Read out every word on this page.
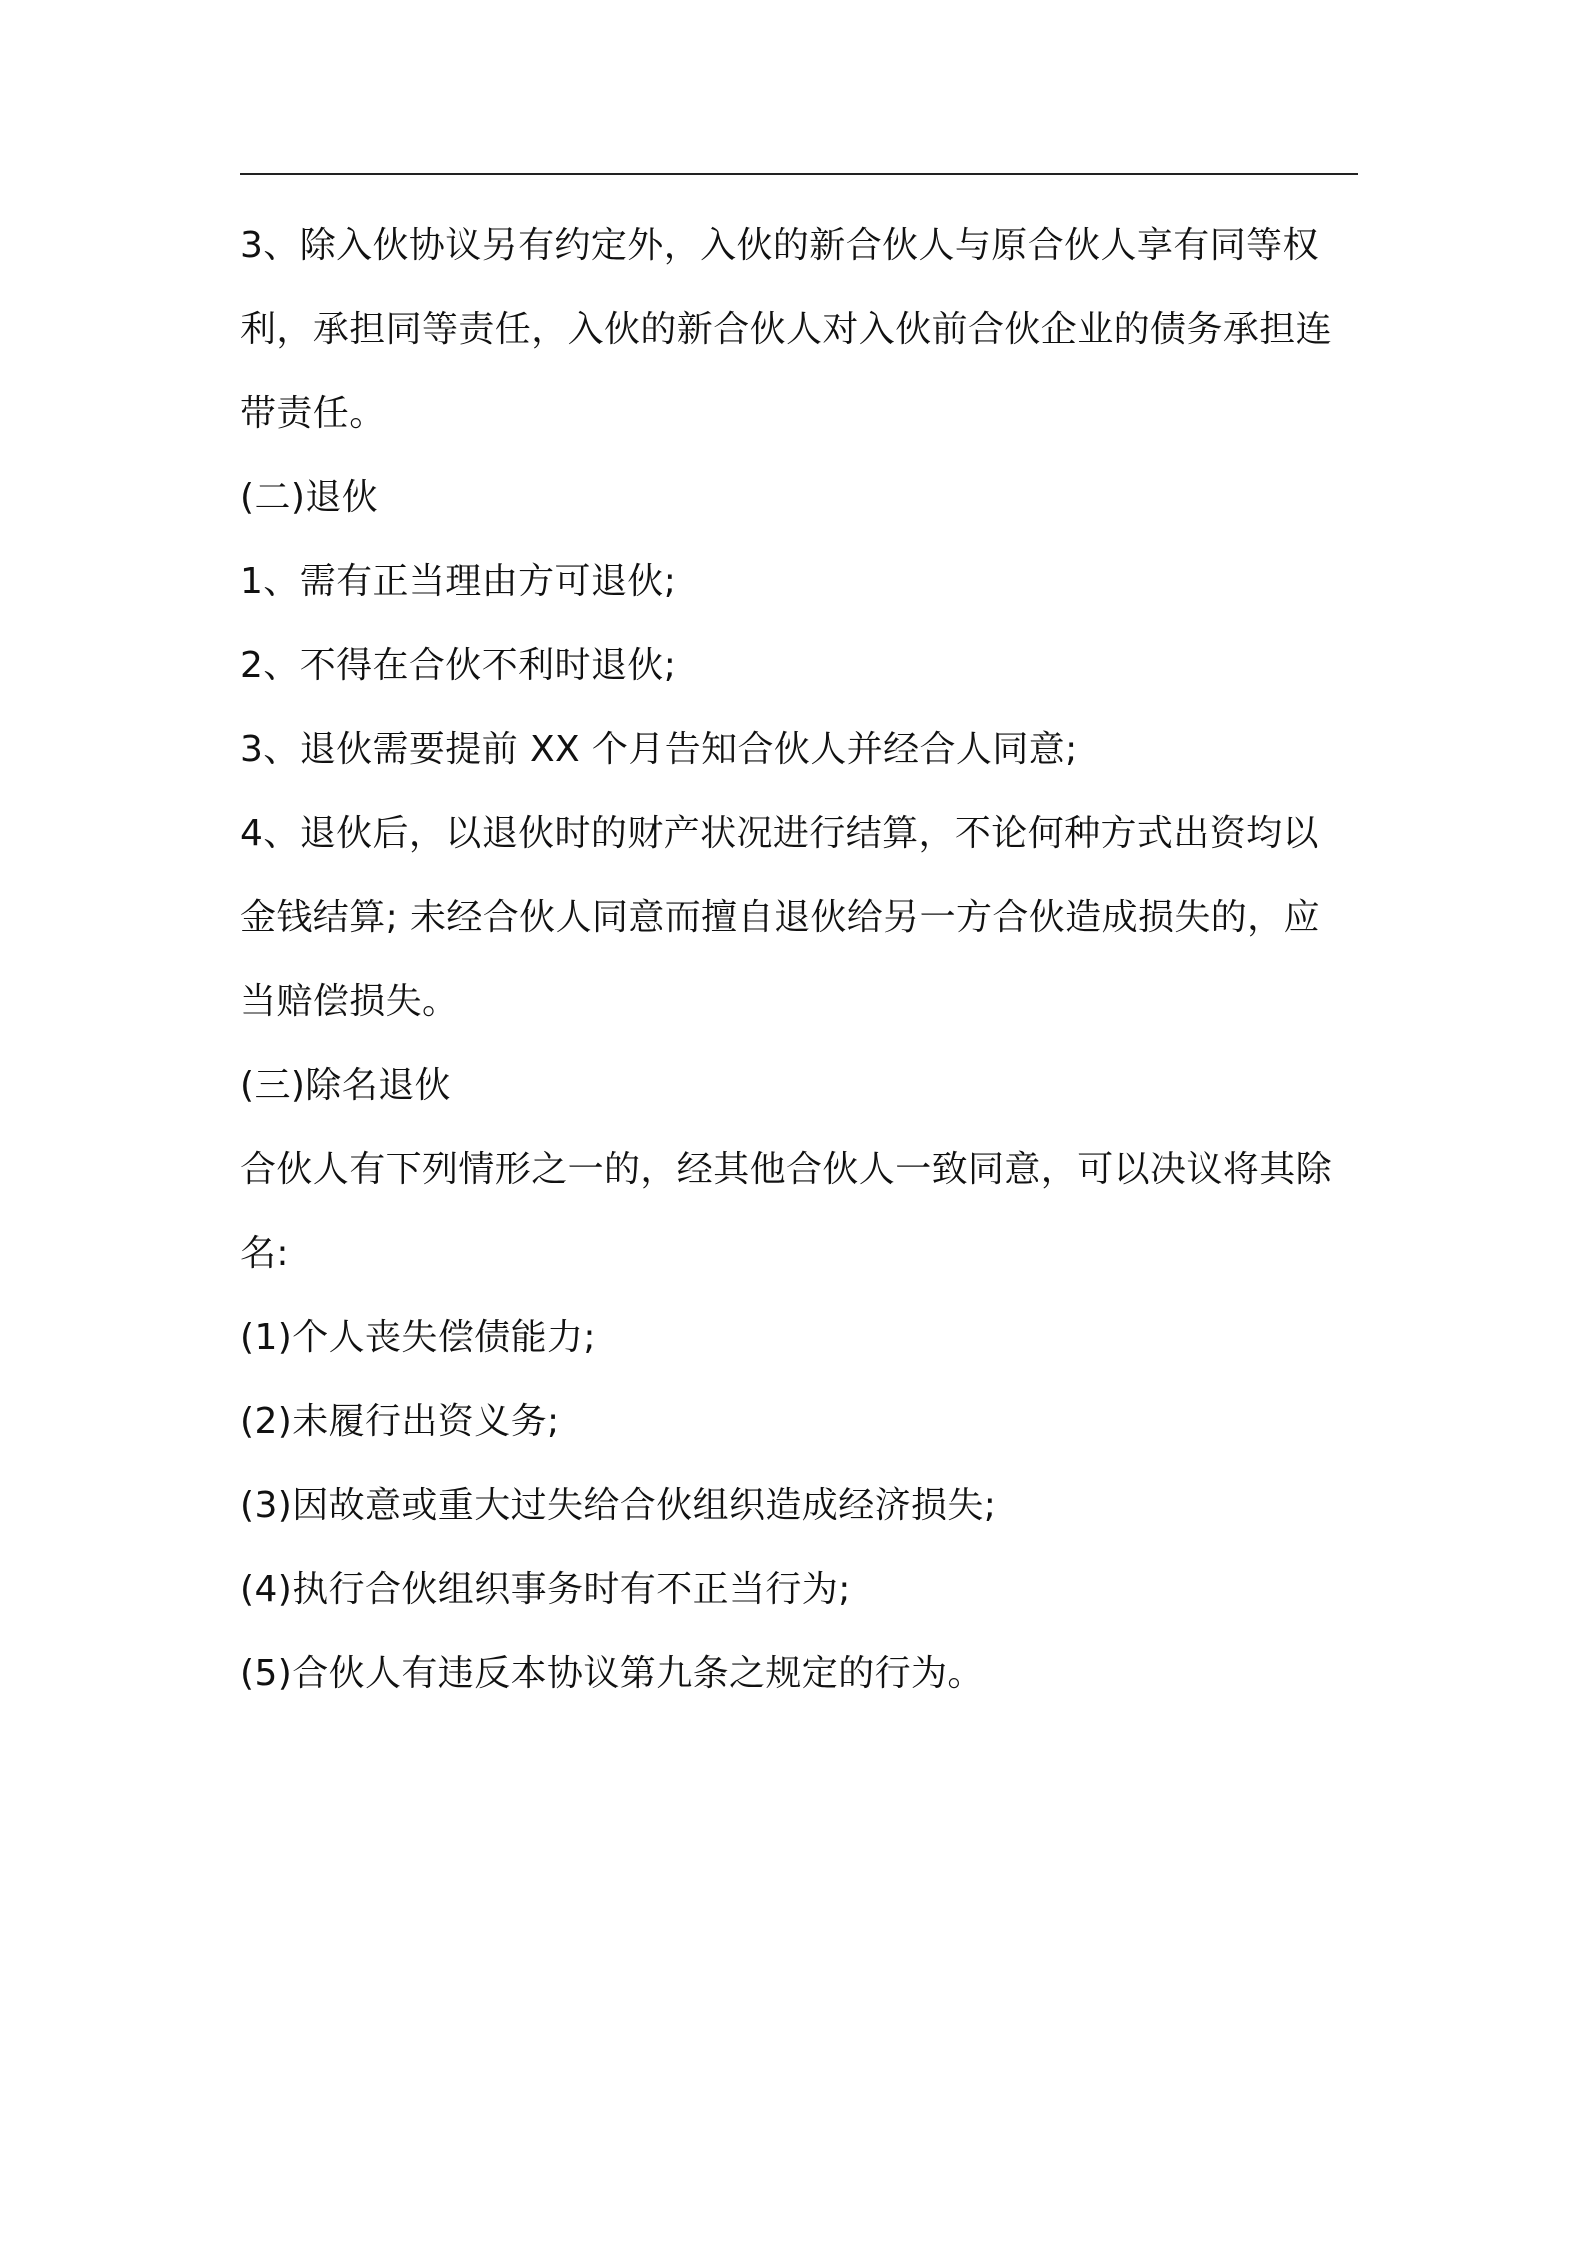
3、除入伙协议另有约定外，入伙的新合伙人与原合伙人享有同等权
利，承担同等责任，入伙的新合伙人对入伙前合伙企业的债务承担连
带责任。
(二)退伙
1、需有正当理由方可退伙;
2、不得在合伙不利时退伙;
3、退伙需要提前 XX 个月告知合伙人并经合人同意;
4、退伙后，以退伙时的财产状况进行结算，不论何种方式出资均以
金钱结算; 未经合伙人同意而擅自退伙给另一方合伙造成损失的，应
当赔偿损失。
(三)除名退伙
合伙人有下列情形之一的，经其他合伙人一致同意，可以决议将其除
名:
(1)个人丧失偿债能力;
(2)未履行出资义务;
(3)因故意或重大过失给合伙组织造成经济损失;
(4)执行合伙组织事务时有不正当行为;
(5)合伙人有违反本协议第九条之规定的行为。
